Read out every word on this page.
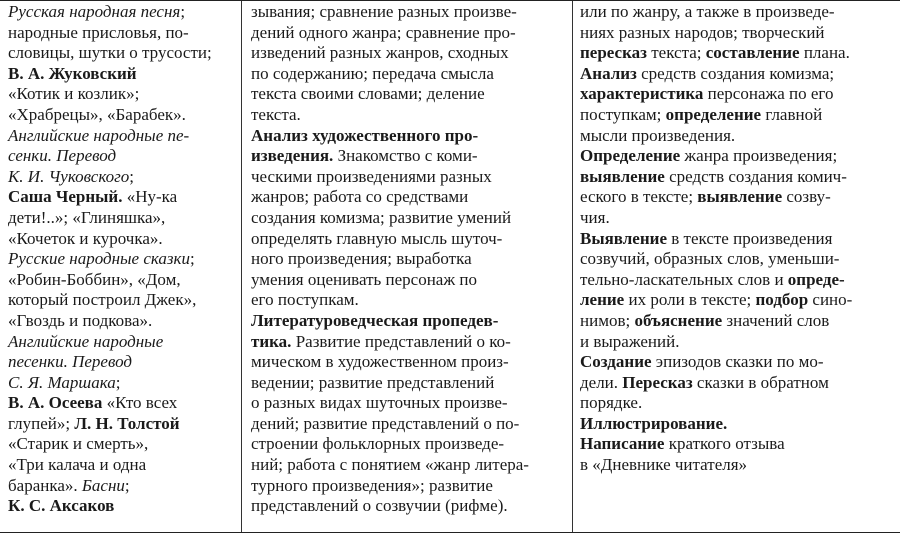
Русская народная песня;
народные присловья, по-
словицы, шутки о трусости;
В. А. Жуковский
«Котик и козлик»;
«Храбрецы», «Барабек».
Английские народные пе-
сенки. Перевод
К. И. Чуковского;
Саша Черный. «Ну-ка
дети!..»; «Глиняшка»,
«Кочеток и курочка».
Русские народные сказки;
«Робин-Боббин», «Дом,
который построил Джек»,
«Гвоздь и подкова».
Английские народные
песенки. Перевод
С. Я. Маршака;
В. А. Осеева «Кто всех
глупей»; Л. Н. Толстой
«Старик и смерть»,
«Три калача и одна
баранка». Басни;
К. С. Аксаков
зывания; сравнение разных произве-
дений одного жанра; сравнение про-
изведений разных жанров, сходных
по содержанию; передача смысла
текста своими словами; деление
текста.
Анализ художественного про-
изведения. Знакомство с коми-
ческими произведениями разных
жанров; работа со средствами
создания комизма; развитие умений
определять главную мысль шуточ-
ного произведения; выработка
умения оценивать персонаж по
его поступкам.
Литературоведческая пропедев-
тика. Развитие представлений о ко-
мическом в художественном произ-
ведении; развитие представлений
о разных видах шуточных произве-
дений; развитие представлений о по-
строении фольклорных произведе-
ний; работа с понятием «жанр литера-
турного произведения»; развитие
представлений о созвучии (рифме).
или по жанру, а также в произведе-
ниях разных народов; творческий
пересказ текста; составление плана.
Анализ средств создания комизма;
характеристика персонажа по его
поступкам; определение главной
мысли произведения.
Определение жанра произведения;
выявление средств создания комич-
еского в тексте; выявление созву-
чия.
Выявление в тексте произведения
созвучий, образных слов, уменьши-
тельно-ласкательных слов и опреде-
ление их роли в тексте; подбор сино-
нимов; объяснение значений слов
и выражений.
Создание эпизодов сказки по мо-
дели. Пересказ сказки в обратном
порядке.
Иллюстрирование.
Написание краткого отзыва
в «Дневнике читателя»
